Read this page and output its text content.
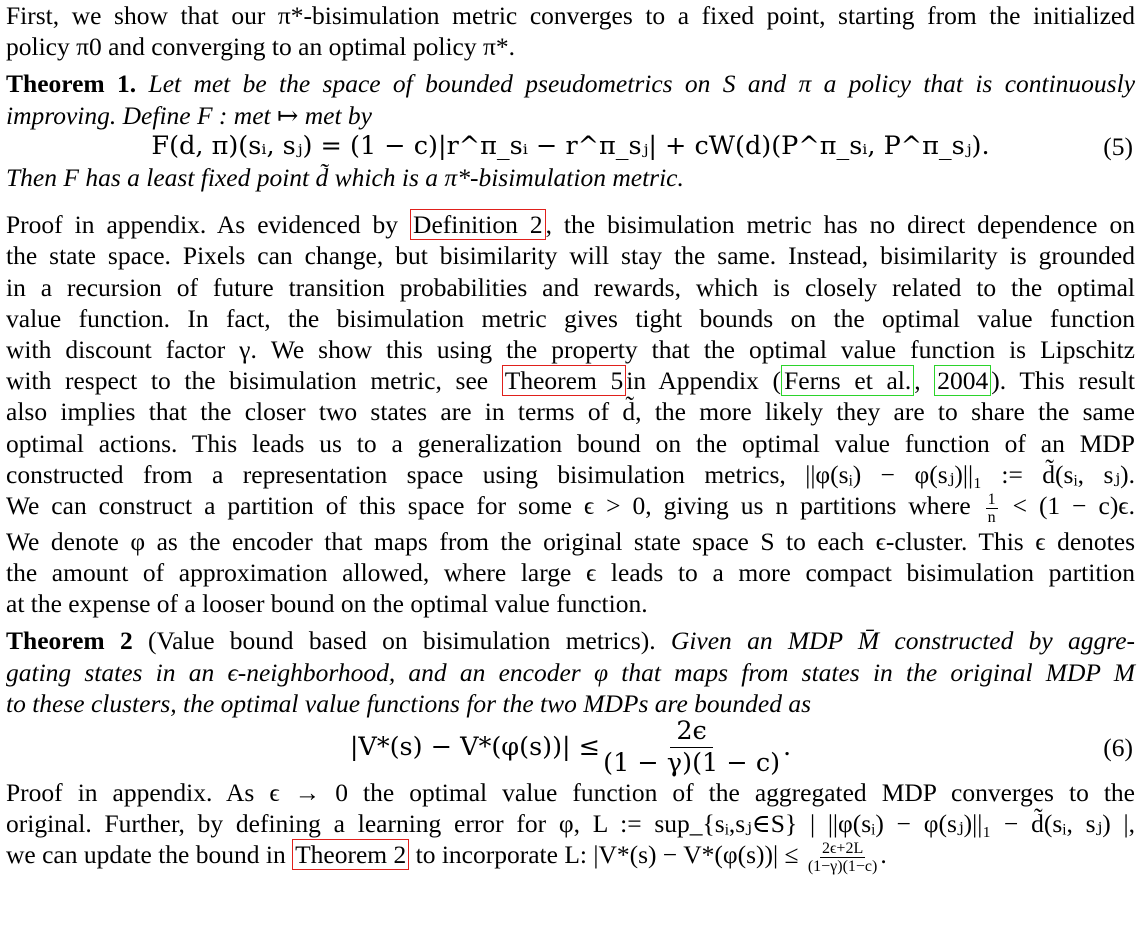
First, we show that our π*-bisimulation metric converges to a fixed point, starting from the initialized

policy π0 and converging to an optimal policy π*.

Theorem 1. Let met be the space of bounded pseudometrics on S and π a policy that is continuously

improving. Define F : met ↦ met by

F(d, π)(sᵢ, sⱼ) = (1 − c)|r^π_sᵢ − r^π_sⱼ| + cW(d)(P^π_sᵢ, P^π_sⱼ).	(5)

Then F has a least fixed point d̃ which is a π*-bisimulation metric.

Proof in appendix. As evidenced by Definition 2 , the bisimulation metric has no direct dependence on

the state space. Pixels can change, but bisimilarity will stay the same. Instead, bisimilarity is grounded

in a recursion of future transition probabilities and rewards, which is closely related to the optimal

value function. In fact, the bisimulation metric gives tight bounds on the optimal value function

with discount factor γ. We show this using the property that the optimal value function is Lipschitz

with respect to the bisimulation metric, see Theorem 5 in Appendix ( Ferns et al. , 2004 ). This result

also implies that the closer two states are in terms of d̃, the more likely they are to share the same

optimal actions. This leads us to a generalization bound on the optimal value function of an MDP

constructed from a representation space using bisimulation metrics, ||φ(sᵢ) − φ(sⱼ)||₁ := d̃(sᵢ, sⱼ).

We can construct a partition of this space for some ϵ > 0, giving us n partitions where $\frac{1}{n} < (1 - c)\epsilon$.

We denote φ as the encoder that maps from the original state space S to each ϵ-cluster. This ϵ denotes

the amount of approximation allowed, where large ϵ leads to a more compact bisimulation partition

at the expense of a looser bound on the optimal value function.

Theorem 2 (Value bound based on bisimulation metrics). Given an MDP M̄ constructed by aggre-

gating states in an ϵ-neighborhood, and an encoder φ that maps from states in the original MDP M

to these clusters, the optimal value functions for the two MDPs are bounded as

$|V*(s) - V*(\varphi(s))| \le \frac{2\epsilon}{(1 - \gamma)(1 - c)}$ .	(6)

Proof in appendix. As ϵ → 0 the optimal value function of the aggregated MDP converges to the

original. Further, by defining a learning error for φ, L := sup_{sᵢ,sⱼ∈S} | ||φ(sᵢ) − φ(sⱼ)||₁ − d̃(sᵢ, sⱼ) |,

we can update the bound in Theorem 2 to incorporate L: $|V*(s) - V*(\varphi(s))| \le \frac{2\epsilon+2L}{(1-\gamma)(1-c)}$ .
